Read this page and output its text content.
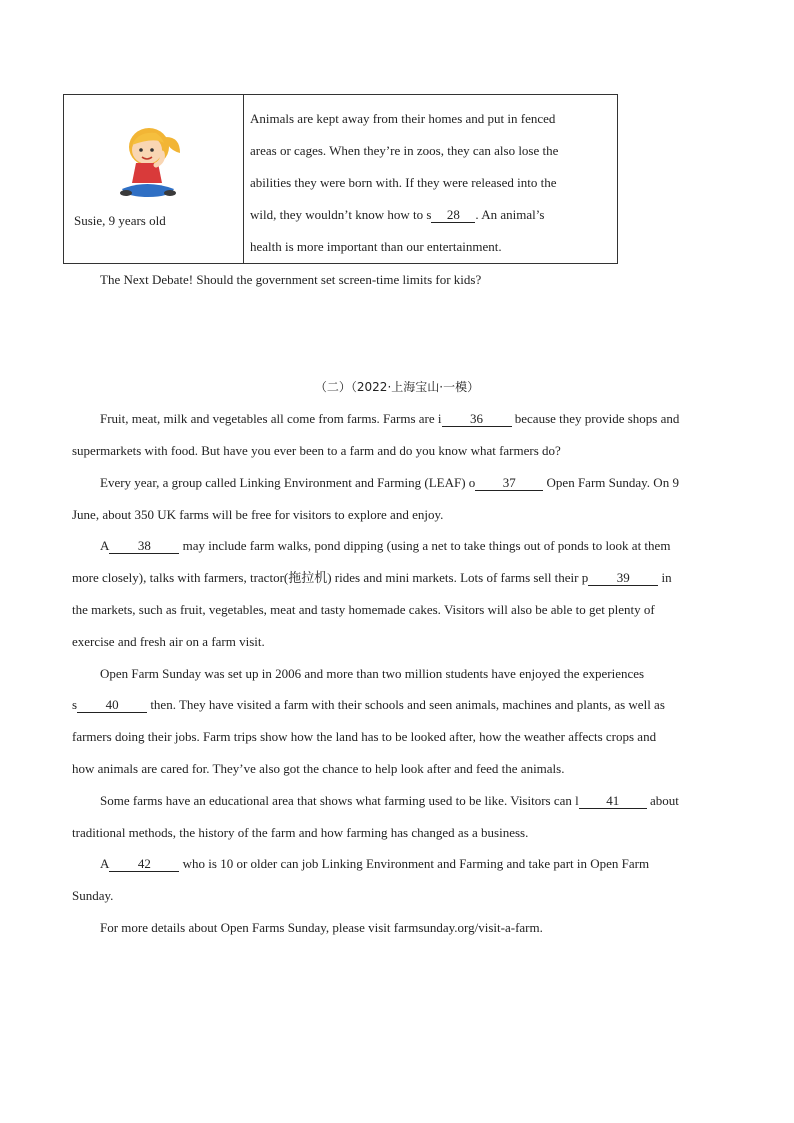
Susie, 9 years old
Animals are kept away from their homes and put in fenced
areas or cages. When they’re in zoos, they can also lose the
abilities they were born with. If they were released into the
wild, they wouldn’t know how to s 28 . An animal’s
health is more important than our entertainment.
The Next Debate! Should the government set screen-time limits for kids?
（二）（2022·上海宝山·一模）
Fruit, meat, milk and vegetables all come from farms. Farms are i 36 because they provide shops and
supermarkets with food. But have you ever been to a farm and do you know what farmers do?
Every year, a group called Linking Environment and Farming (LEAF) o 37 Open Farm Sunday. On 9
June, about 350 UK farms will be free for visitors to explore and enjoy.
A 38 may include farm walks, pond dipping (using a net to take things out of ponds to look at them
more closely), talks with farmers, tractor(拖拉机) rides and mini markets. Lots of farms sell their p 39 in
the markets, such as fruit, vegetables, meat and tasty homemade cakes. Visitors will also be able to get plenty of
exercise and fresh air on a farm visit.
Open Farm Sunday was set up in 2006 and more than two million students have enjoyed the experiences
s 40 then. They have visited a farm with their schools and seen animals, machines and plants, as well as
farmers doing their jobs. Farm trips show how the land has to be looked after, how the weather affects crops and
how animals are cared for. They’ve also got the chance to help look after and feed the animals.
Some farms have an educational area that shows what farming used to be like. Visitors can l 41 about
traditional methods, the history of the farm and how farming has changed as a business.
A 42 who is 10 or older can job Linking Environment and Farming and take part in Open Farm
Sunday.
For more details about Open Farms Sunday, please visit farmsunday.org/visit-a-farm.
